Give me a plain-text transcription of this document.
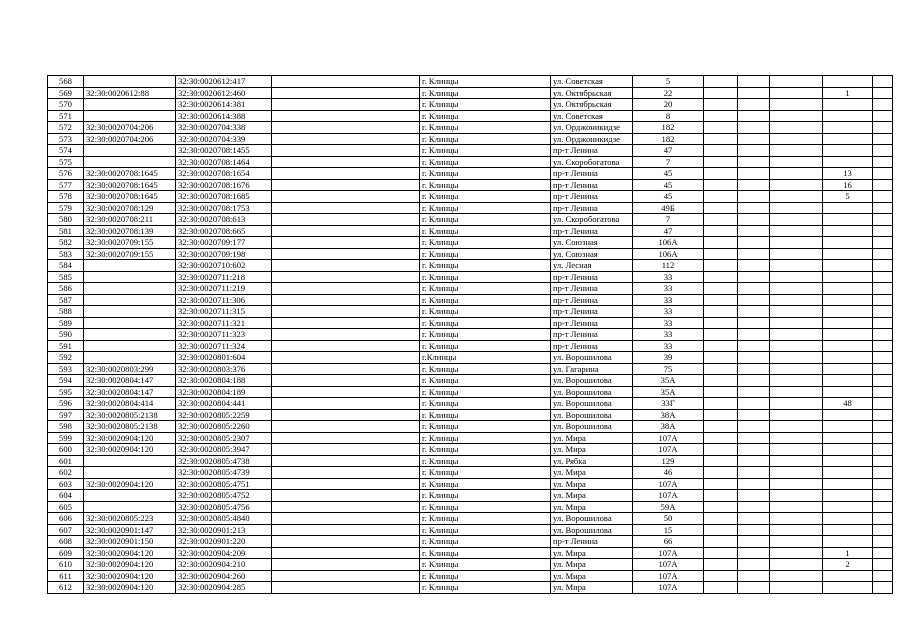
568		32:30:0020612:417		г. Клинцы	ул. Советская	5					
569	32:30:0020612:88	32:30:0020612:460		г. Клинцы	ул. Октябрьская	22				1	
570		32:30:0020614:381		г. Клинцы	ул. Октябрьская	20					
571		32:30:0020614:388		г. Клинцы	ул. Советская	8					
572	32:30:0020704:206	32:30:0020704:338		г. Клинцы	ул. Орджоникидзе	182					
573	32:30:0020704:206	32:30:0020704:339		г. Клинцы	ул. Орджоникидзе	182					
574		32:30:0020708:1455		г. Клинцы	пр-т Ленина	47					
575		32:30:0020708:1464		г. Клинцы	ул. Скоробогатова	7					
576	32:30:0020708:1645	32:30:0020708:1654		г. Клинцы	пр-т Ленина	45				13	
577	32:30:0020708:1645	32:30:0020708:1676		г. Клинцы	пр-т Ленина	45				16	
578	32:30:0020708:1645	32:30:0020708:1685		г. Клинцы	пр-т Ленина	45				5	
579	32:30:0020708:129	32:30:0020708:1753		г. Клинцы	пр-т Ленина	49Б					
580	32:30:0020708:211	32:30:0020708:613		г. Клинцы	ул. Скоробогатова	7					
581	32:30:0020708:139	32:30:0020708:665		г. Клинцы	пр-т Ленина	47					
582	32:30:0020709:155	32:30:0020709:177		г. Клинцы	ул. Союзная	106А					
583	32:30:0020709:155	32:30:0020709:198		г. Клинцы	ул. Союзная	106А					
584		32:30:0020710:602		г. Клинцы	ул. Лесная	112					
585		32:30:0020711:218		г. Клинцы	пр-т Ленина	33					
586		32:30:0020711:219		г. Клинцы	пр-т Ленина	33					
587		32:30:0020711:306		г. Клинцы	пр-т Ленина	33					
588		32:30:0020711:315		г. Клинцы	пр-т Ленина	33					
589		32:30:0020711:321		г. Клинцы	пр-т Ленина	33					
590		32:30:0020711:323		г. Клинцы	пр-т Ленина	33					
591		32:30:0020711:324		г. Клинцы	пр-т Ленина	33					
592		32:30:0020801:604		г.Клинцы	ул. Ворошилова	39					
593	32:30:0020803:299	32:30:0020803:376		г. Клинцы	ул. Гагарина	75					
594	32:30:0020804:147	32:30:0020804:188		г. Клинцы	ул. Ворошилова	35А					
595	32:30:0020804:147	32:30:0020804:189		г. Клинцы	ул. Ворошилова	35А					
596	32:30:0020804:414	32:30:0020804:441		г. Клинцы	ул. Ворошилова	33Г				48	
597	32:30:0020805:2138	32:30:0020805:2259		г. Клинцы	ул. Ворошилова	38А					
598	32:30:0020805:2138	32:30:0020805:2260		г. Клинцы	ул. Ворошилова	38А					
599	32:30:0020904:120	32:30:0020805:2307		г. Клинцы	ул. Мира	107А					
600	32:30:0020904:120	32:30:0020805:3947		г. Клинцы	ул. Мира	107А					
601		32:30:0020805:4738		г. Клинцы	ул. Рябка	129					
602		32:30:0020805:4739		г. Клинцы	ул. Мира	46					
603	32:30:0020904:120	32:30:0020805:4751		г. Клинцы	ул. Мира	107А					
604		32:30:0020805:4752		г. Клинцы	ул. Мира	107А					
605		32:30:0020805:4756		г. Клинцы	ул. Мира	59А					
606	32:30:0020805:223	32:30:0020805:4840		г. Клинцы	ул. Ворошилова	50					
607	32:30:0020901:147	32:30:0020901:213		г. Клинцы	ул. Ворошилова	15					
608	32:30:0020901:150	32:30:0020901:220		г. Клинцы	пр-т Ленина	66					
609	32:30:0020904:120	32:30:0020904:209		г. Клинцы	ул. Мира	107А				1	
610	32:30:0020904:120	32:30:0020904:210		г. Клинцы	ул. Мира	107А				2	
611	32:30:0020904:120	32:30:0020904:260		г. Клинцы	ул. Мира	107А					
612	32:30:0020904:120	32:30:0020904:285		г. Клинцы	ул. Мира	107А					
